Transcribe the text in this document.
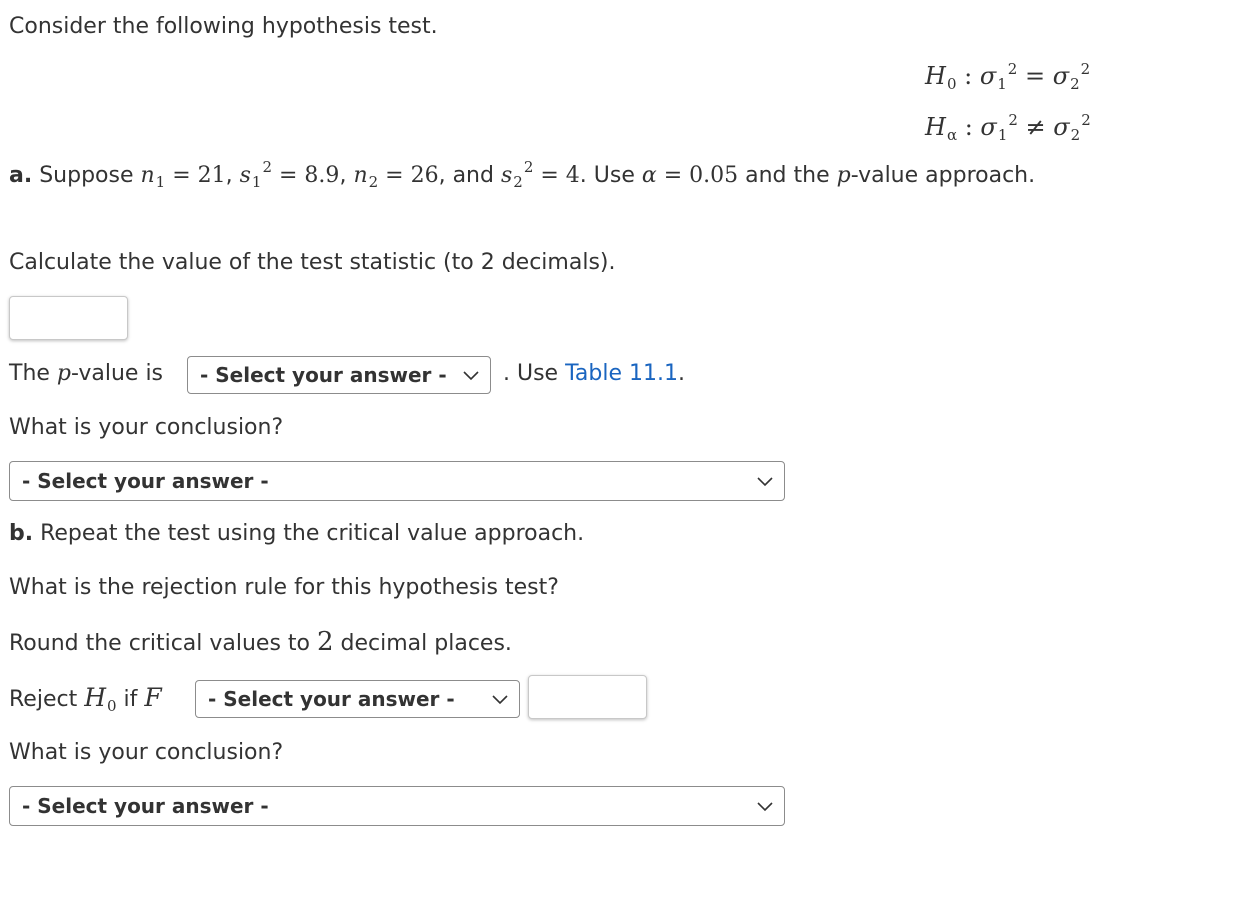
Consider the following hypothesis test.
$H_0$ : $\sigma_1^2 = \sigma_2^2$
$H_\alpha$ : $\sigma_1^2 \ne \sigma_2^2$
a. Suppose $n_1 = 21$, $s_1^2 = 8.9$, $n_2 = 26$, and $s_2^2 = 4$. Use α = 0.05 and the p-value approach.
Calculate the value of the test statistic (to 2 decimals).
The p-value is - Select your answer -	. Use Table 11.1.
What is your conclusion?
- Select your answer -
b. Repeat the test using the critical value approach.
What is the rejection rule for this hypothesis test?
Round the critical values to 2 decimal places.
Reject $H_0$ if F - Select your answer -
What is your conclusion?
- Select your answer -
